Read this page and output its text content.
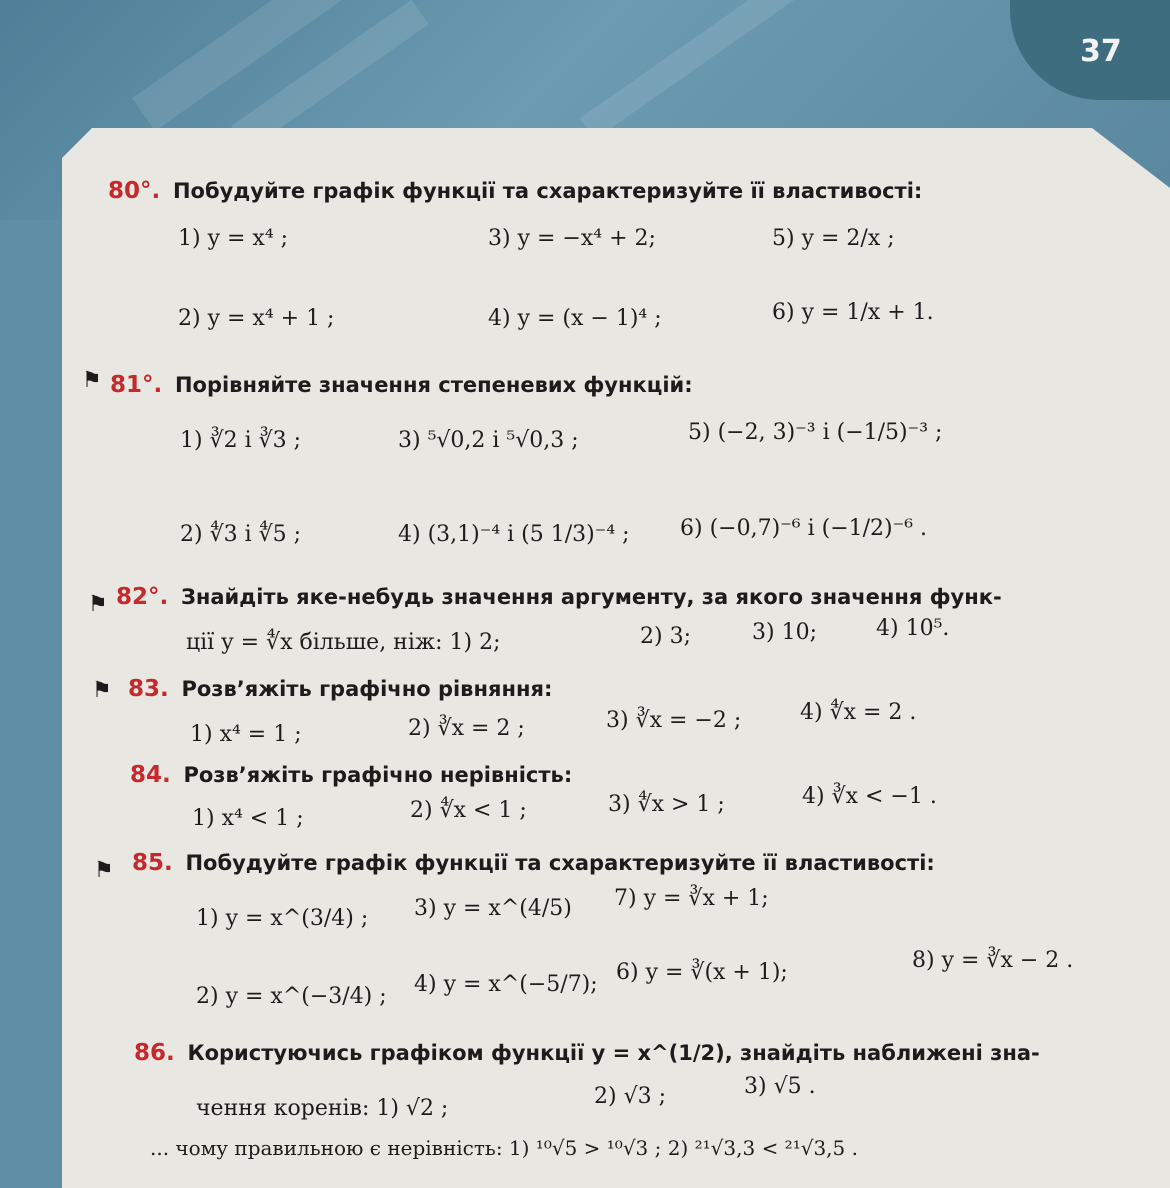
37
80°. Побудуйте графік функції та схарактеризуйте її властивості:
1) y = x⁴ ;	3) y = −x⁴ + 2;	5) y = 2/x ;
2) y = x⁴ + 1 ;	4) y = (x − 1)⁴ ;	6) y = 1/x + 1.
⚑ 81°. Порівняйте значення степеневих функцій:
1) ∛2 і ∛3 ;	3) ⁵√0,2 і ⁵√0,3 ;	5) (−2, 3)⁻³ і (−1/5)⁻³ ;
2) ∜3 і ∜5 ;	4) (3,1)⁻⁴ і (5 1/3)⁻⁴ ; 6) (−0,7)⁻⁶ і (−1/2)⁻⁶ .
⚑ 82°. Знайдіть яке-небудь значення аргументу, за якого значення функ-
ції y = ∜x більше, ніж: 1) 2;	2) 3;	3) 10;	4) 10⁵.
⚑ 83. Розв’яжіть графічно рівняння:
1) x⁴ = 1 ;	2) ∛x = 2 ;	3) ∛x = −2 ;	4) ∜x = 2 .
84. Розв’яжіть графічно нерівність:
1) x⁴ < 1 ;	2) ∜x < 1 ;	3) ∜x > 1 ;	4) ∛x < −1 .
⚑ 85. Побудуйте графік функції та схарактеризуйте її властивості:
1) y = x^(3/4) ; 3) y = x^(4/5) 7) y = ∛x + 1;
2) y = x^(−3/4) ; 4) y = x^(−5/7); 6) y = ∛(x + 1);	8) y = ∛x − 2 .
86. Користуючись графіком функції y = x^(1/2), знайдіть наближені зна-
чення коренів: 1) √2 ;	2) √3 ;	3) √5 .
... чому правильною є нерівність: 1) ¹⁰√5 > ¹⁰√3 ; 2) ²¹√3,3 < ²¹√3,5 .
